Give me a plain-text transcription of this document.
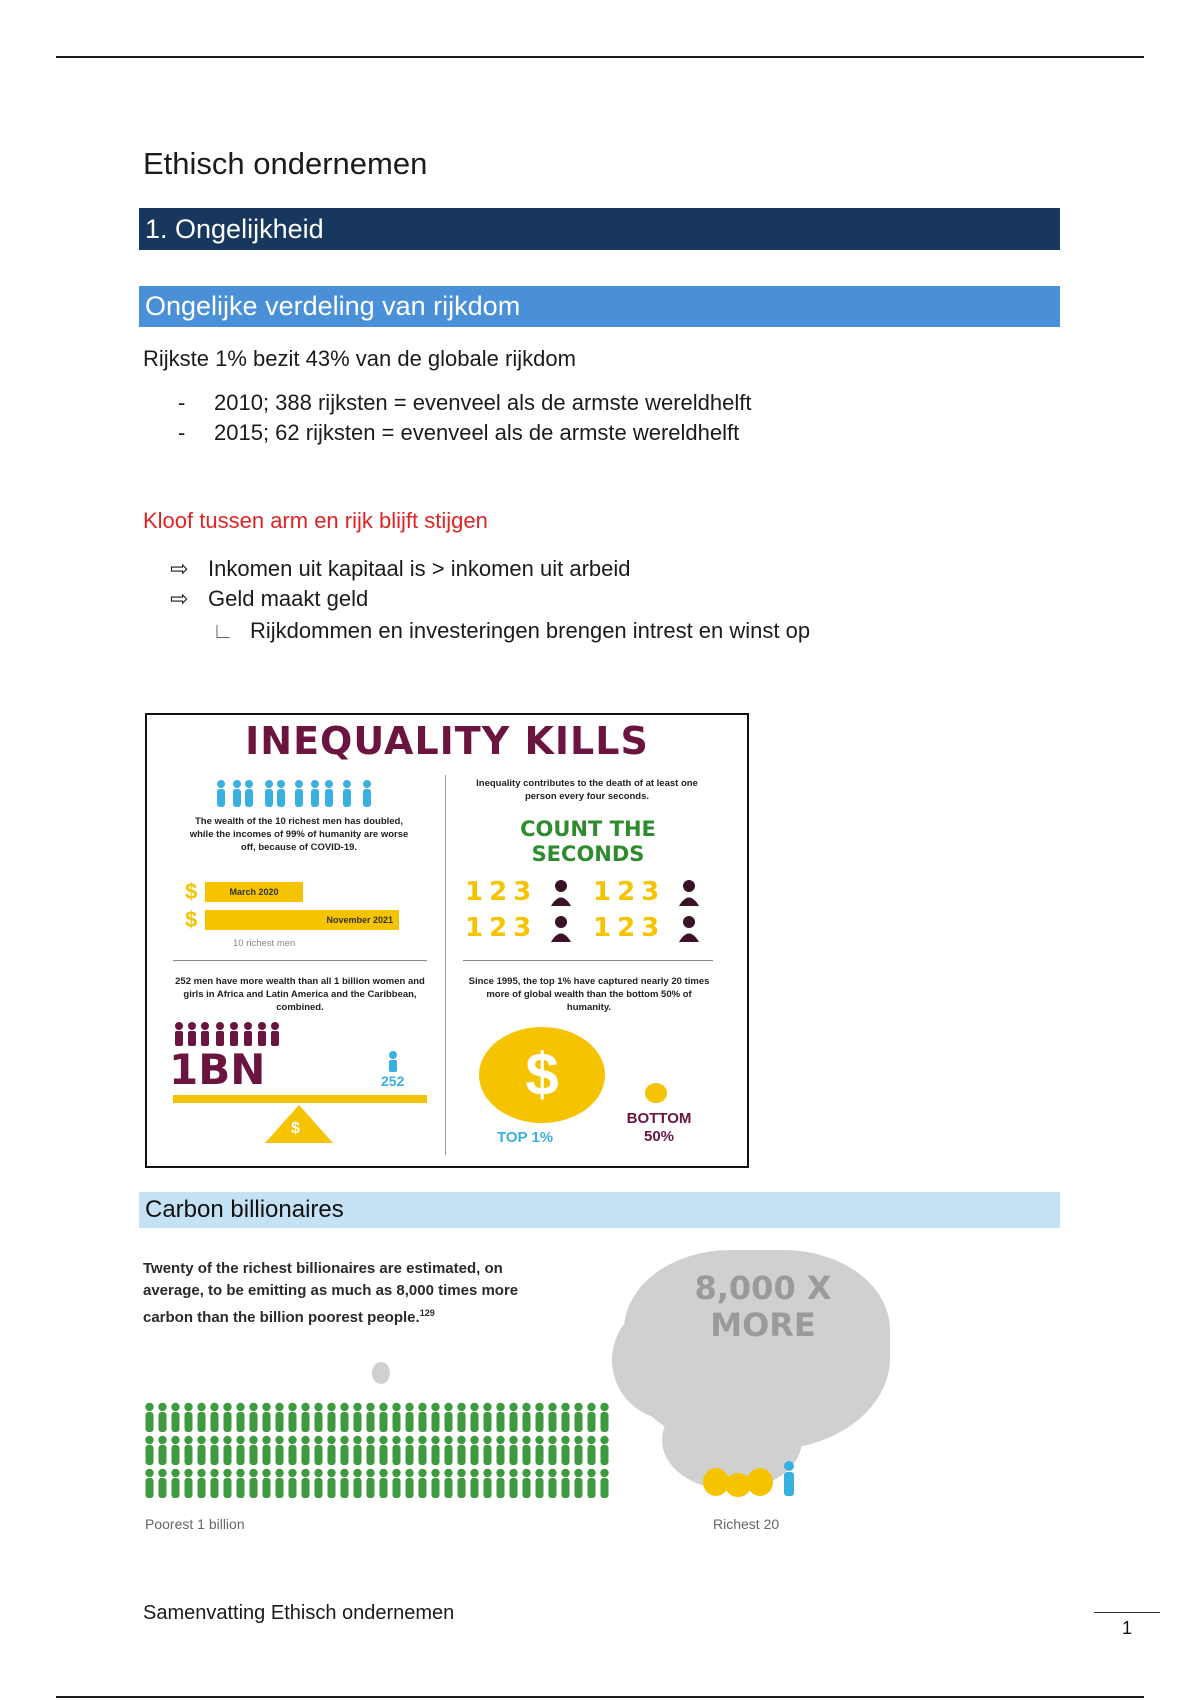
Ethisch ondernemen
1. Ongelijkheid
Ongelijke verdeling van rijkdom
Rijkste 1% bezit 43% van de globale rijkdom
- 2010; 388 rijksten = evenveel als de armste wereldhelft
- 2015; 62 rijksten = evenveel als de armste wereldhelft
Kloof tussen arm en rijk blijft stijgen
⇨ Inkomen uit kapitaal is > inkomen uit arbeid
⇨ Geld maakt geld
∟ Rijkdommen en investeringen brengen intrest en winst op
INEQUALITY KILLS
The wealth of the 10 richest men has doubled, while the incomes of 99% of humanity are worse off, because of COVID-19.
$	March 2020
$	November 2021
10 richest men
Inequality contributes to the death of at least one person every four seconds.
COUNT THE
SECONDS
123 123
123 123
252 men have more wealth than all 1 billion women and girls in Africa and Latin America and the Caribbean, combined.
1BN	252
$
Since 1995, the top 1% have captured nearly 20 times more of global wealth than the bottom 50% of humanity.
$
TOP 1%
BOTTOM
50%
Carbon billionaires
Twenty of the richest billionaires are estimated, on average, to be emitting as much as 8,000 times more carbon than the billion poorest people.$^{129}$
8,000 X
MORE
Poorest 1 billion	Richest 20
Samenvatting Ethisch ondernemen
1
